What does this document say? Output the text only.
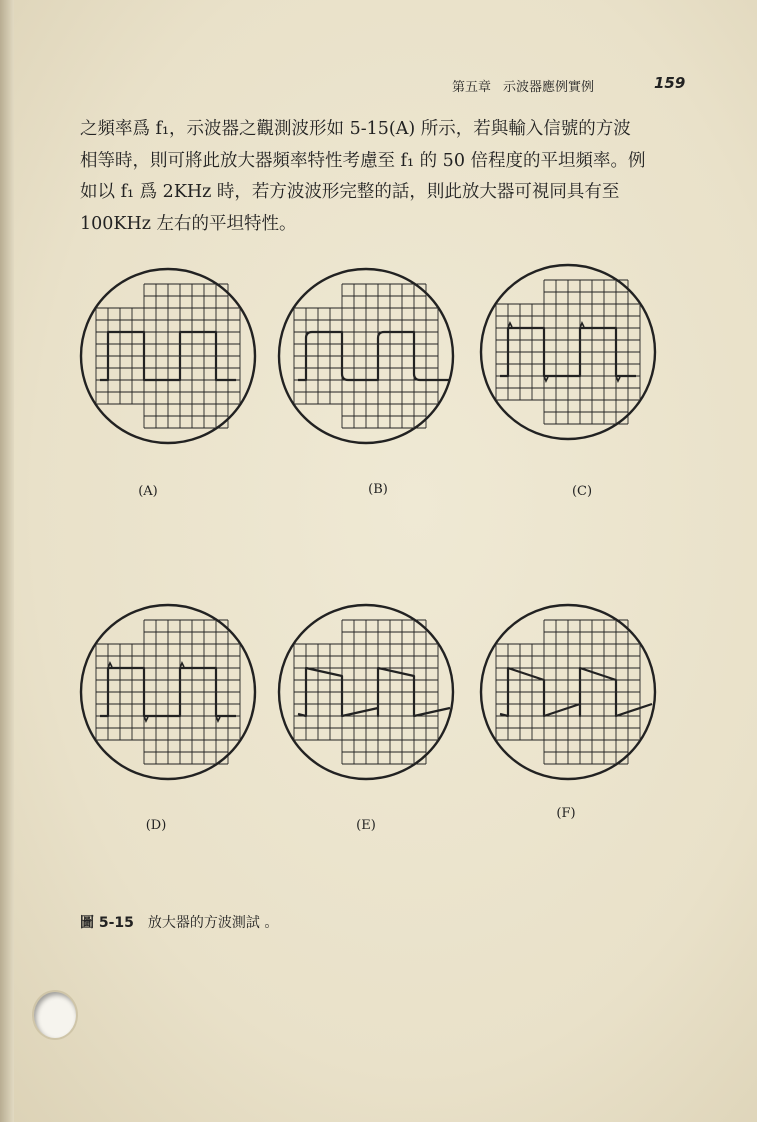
第五章 示波器應例實例	159

之頻率爲 f₁，示波器之觀測波形如 5-15(A) 所示，若與輸入信號的方波

相等時，則可將此放大器頻率特性考慮至 f₁ 的 50 倍程度的平坦頻率。例

如以 f₁ 爲 2KHz 時，若方波波形完整的話，則此放大器可視同具有至

100KHz 左右的平坦特性。

(A)	(B)	(C)
(D)	(E)
(F)
圖 5-15 放大器的方波測試 。
